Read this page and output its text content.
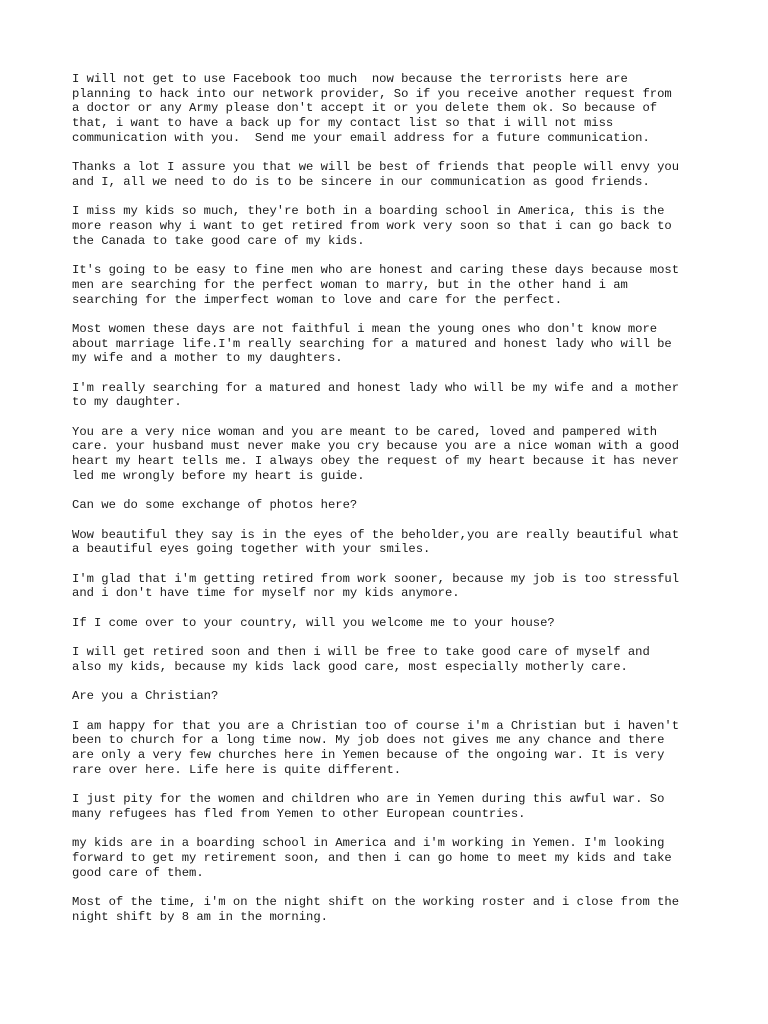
I will not get to use Facebook too much  now because the terrorists here are
planning to hack into our network provider, So if you receive another request from
a doctor or any Army please don't accept it or you delete them ok. So because of
that, i want to have a back up for my contact list so that i will not miss
communication with you.  Send me your email address for a future communication.

Thanks a lot I assure you that we will be best of friends that people will envy you
and I, all we need to do is to be sincere in our communication as good friends.

I miss my kids so much, they're both in a boarding school in America, this is the
more reason why i want to get retired from work very soon so that i can go back to
the Canada to take good care of my kids.

It's going to be easy to fine men who are honest and caring these days because most
men are searching for the perfect woman to marry, but in the other hand i am
searching for the imperfect woman to love and care for the perfect.

Most women these days are not faithful i mean the young ones who don't know more
about marriage life.I'm really searching for a matured and honest lady who will be
my wife and a mother to my daughters.

I'm really searching for a matured and honest lady who will be my wife and a mother
to my daughter.

You are a very nice woman and you are meant to be cared, loved and pampered with
care. your husband must never make you cry because you are a nice woman with a good
heart my heart tells me. I always obey the request of my heart because it has never
led me wrongly before my heart is guide.

Can we do some exchange of photos here?

Wow beautiful they say is in the eyes of the beholder,you are really beautiful what
a beautiful eyes going together with your smiles.

I'm glad that i'm getting retired from work sooner, because my job is too stressful
and i don't have time for myself nor my kids anymore.

If I come over to your country, will you welcome me to your house?

I will get retired soon and then i will be free to take good care of myself and
also my kids, because my kids lack good care, most especially motherly care.

Are you a Christian?

I am happy for that you are a Christian too of course i'm a Christian but i haven't
been to church for a long time now. My job does not gives me any chance and there
are only a very few churches here in Yemen because of the ongoing war. It is very
rare over here. Life here is quite different.

I just pity for the women and children who are in Yemen during this awful war. So
many refugees has fled from Yemen to other European countries.

my kids are in a boarding school in America and i'm working in Yemen. I'm looking
forward to get my retirement soon, and then i can go home to meet my kids and take
good care of them.

Most of the time, i'm on the night shift on the working roster and i close from the
night shift by 8 am in the morning.
